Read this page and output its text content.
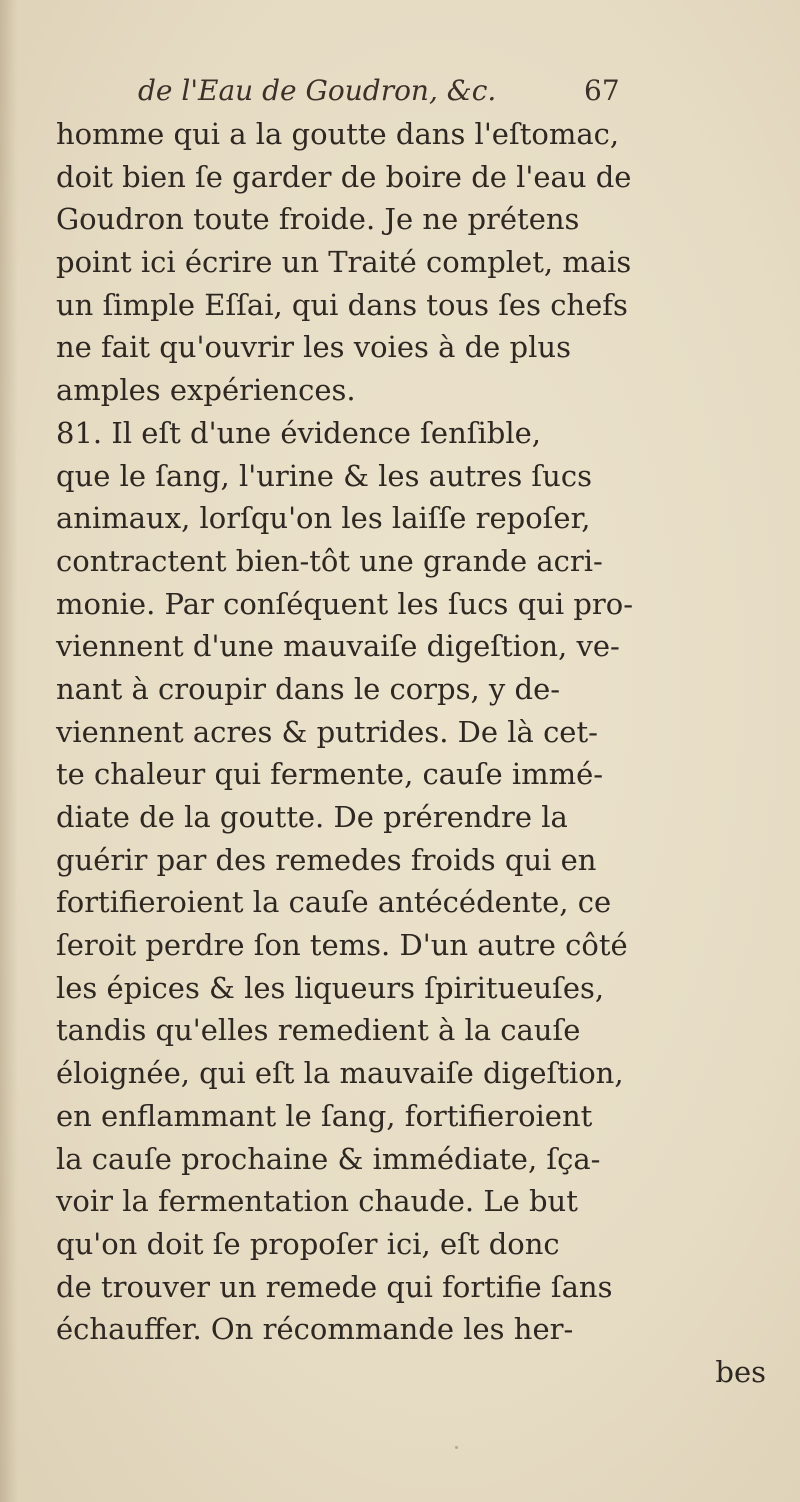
de l'Eau de Goudron, &c.	67
homme qui a la goutte dans l'eſtomac,
doit bien ſe garder de boire de l'eau de
Goudron toute froide. Je ne prétens
point ici écrire un Traité complet, mais
un ſimple Eſſai, qui dans tous ſes chefs
ne fait qu'ouvrir les voies à de plus
amples expériences.
81. Il eſt d'une évidence ſenſible,
que le ſang, l'urine & les autres ſucs
animaux, lorſqu'on les laiſſe repoſer,
contractent bien-tôt une grande acri-
monie. Par conſéquent les ſucs qui pro-
viennent d'une mauvaiſe digeſtion, ve-
nant à croupir dans le corps, y de-
viennent acres & putrides. De là cet-
te chaleur qui fermente, cauſe immé-
diate de la goutte. De prérendre la
guérir par des remedes froids qui en
fortifieroient la cauſe antécédente, ce
ſeroit perdre ſon tems. D'un autre côté
les épices & les liqueurs ſpiritueuſes,
tandis qu'elles remedient à la cauſe
éloignée, qui eſt la mauvaiſe digeſtion,
en enflammant le ſang, fortifieroient
la cauſe prochaine & immédiate, ſça-
voir la fermentation chaude. Le but
qu'on doit ſe propoſer ici, eſt donc
de trouver un remede qui fortifie ſans
échauffer. On récommande les her-
bes
